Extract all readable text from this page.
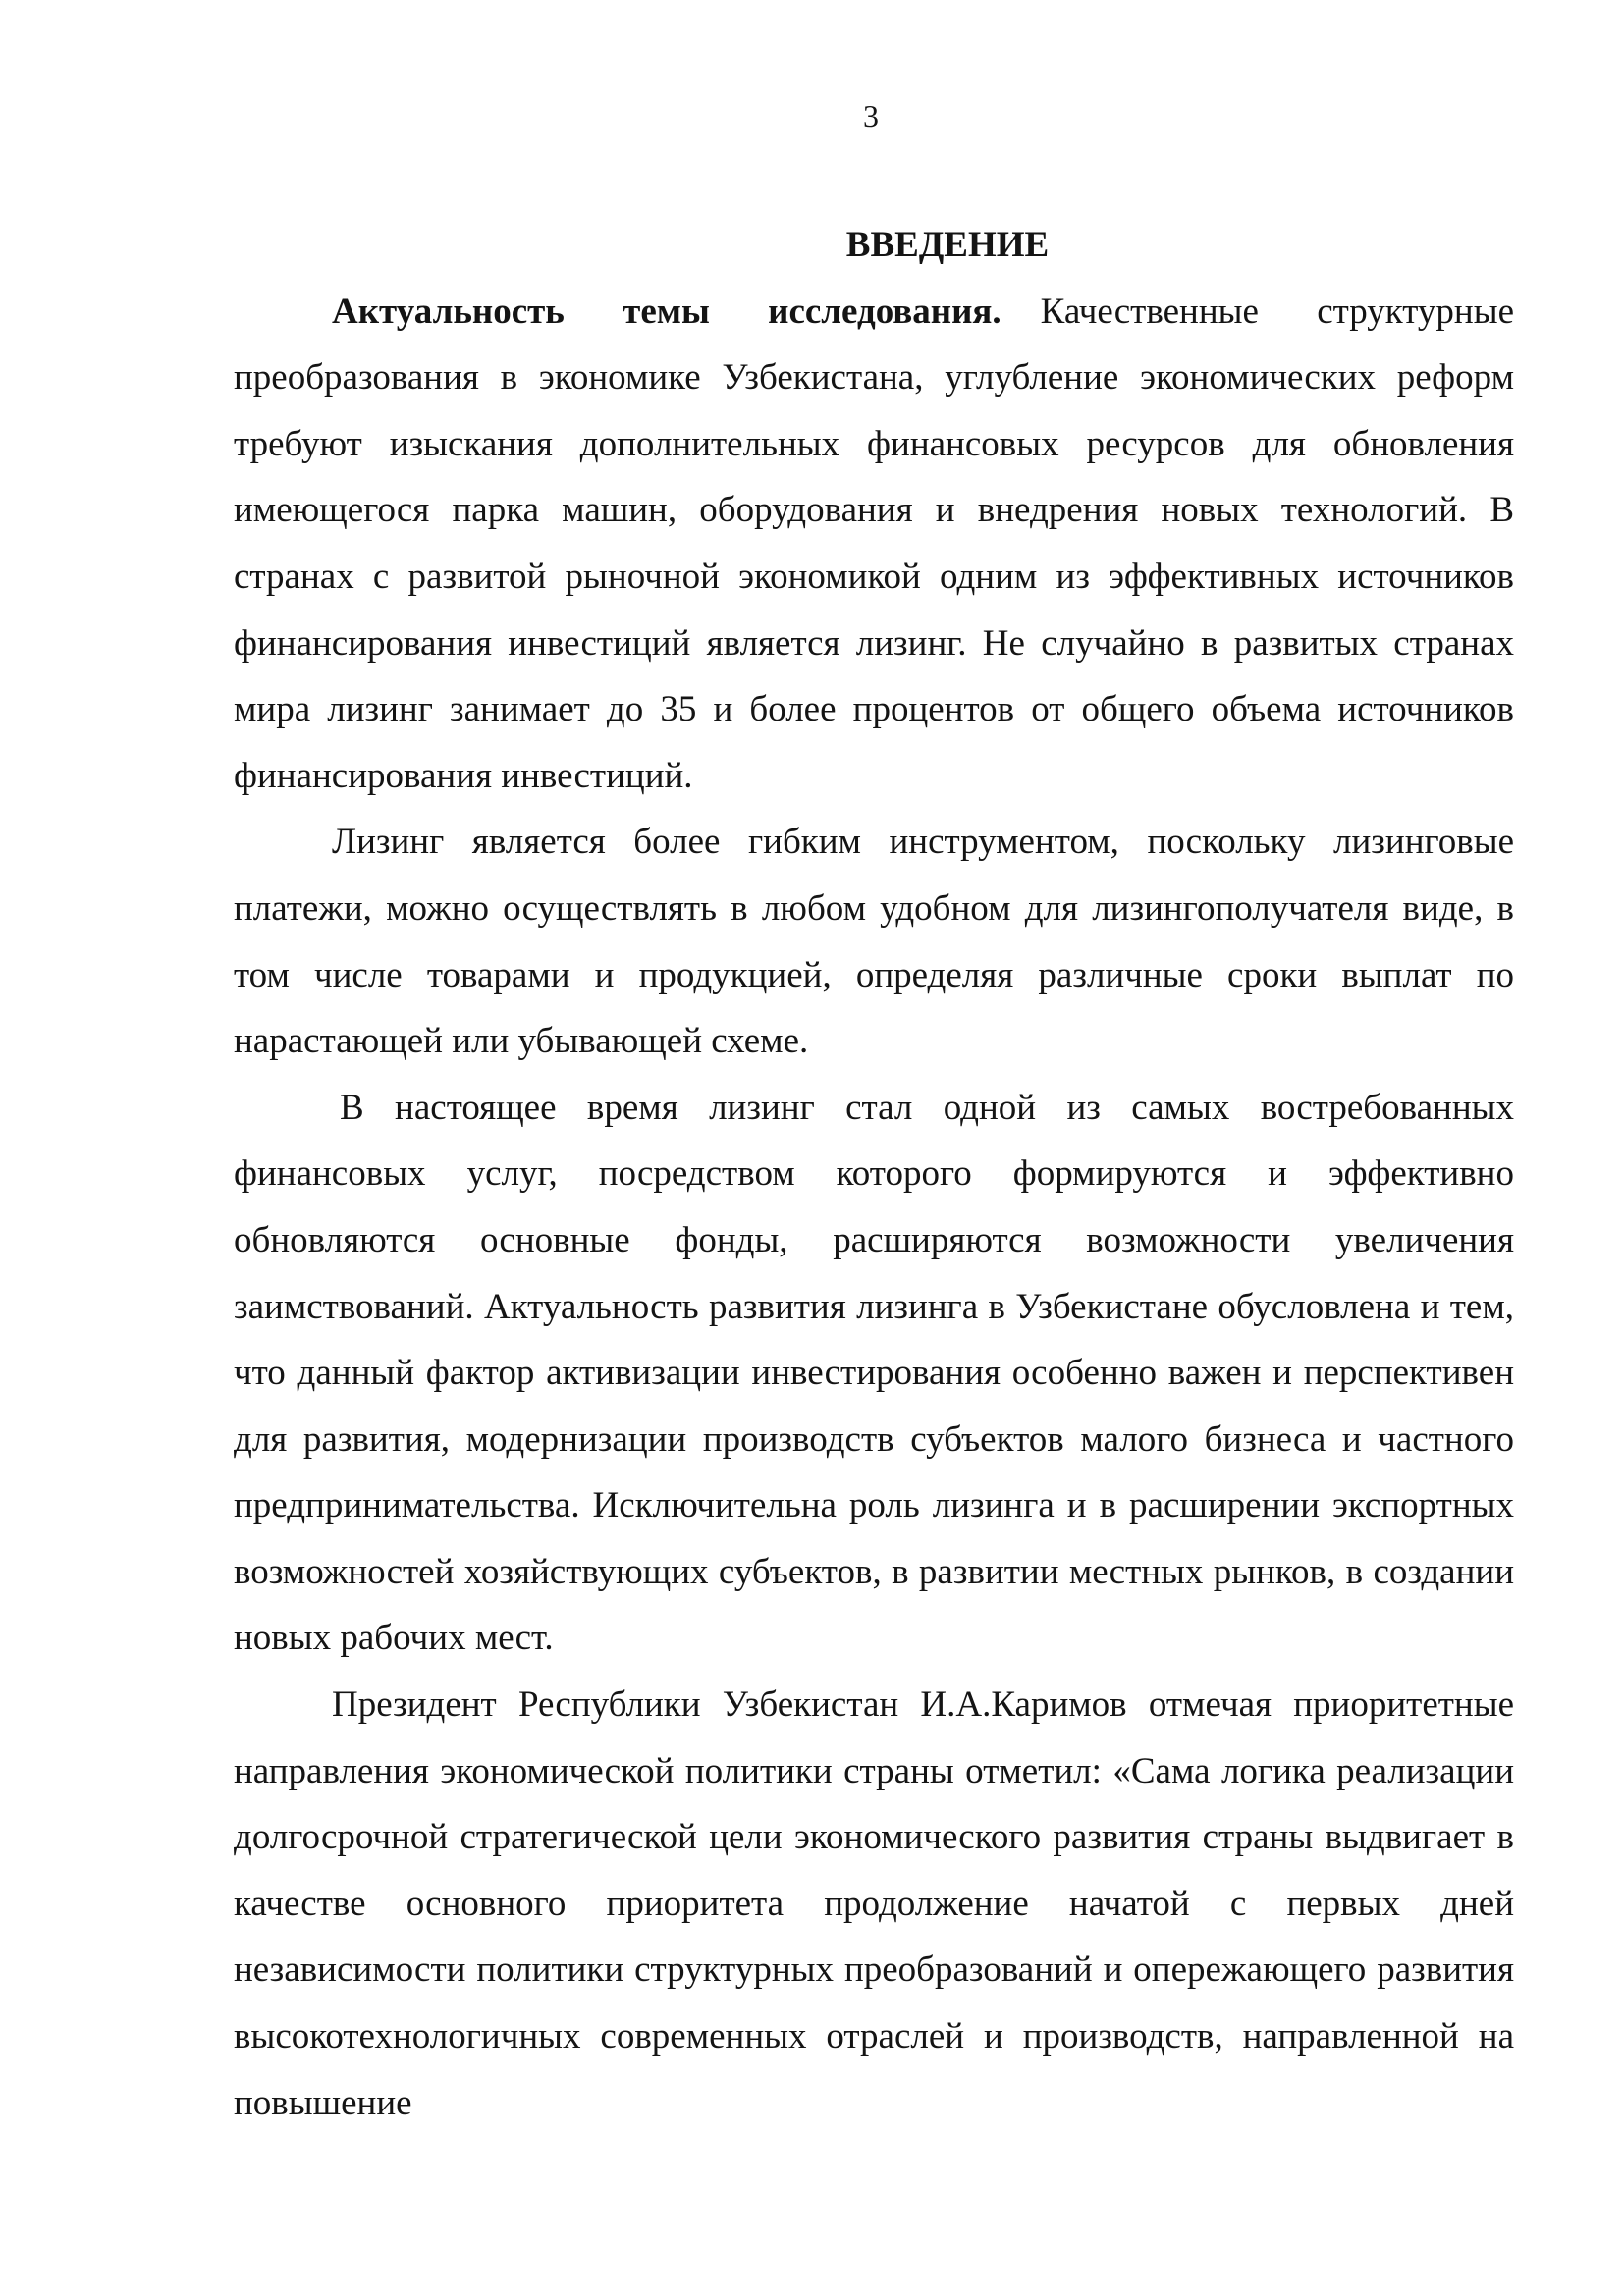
3
ВВЕДЕНИЕ

Актуальность темы исследования. Качественные структурные преобразования в экономике Узбекистана, углубление экономических реформ требуют изыскания дополнительных финансовых ресурсов для обновления имеющегося парка машин, оборудования и внедрения новых технологий. В странах с развитой рыночной экономикой одним из эффективных источников финансирования инвестиций является лизинг. Не случайно в развитых странах мира лизинг занимает до 35 и более процентов от общего объема источников финансирования инвестиций.

Лизинг является более гибким инструментом, поскольку лизинговые платежи, можно осуществлять в любом удобном для лизингополучателя виде, в том числе товарами и продукцией, определяя различные сроки выплат по нарастающей или убывающей схеме.

В настоящее время лизинг стал одной из самых востребованных финансовых услуг, посредством которого формируются и эффективно обновляются основные фонды, расширяются возможности увеличения заимствований. Актуальность развития лизинга в Узбекистане обусловлена и тем, что данный фактор активизации инвестирования особенно важен и перспективен для развития, модернизации производств субъектов малого бизнеса и частного предпринимательства. Исключительна роль лизинга и в расширении экспортных возможностей хозяйствующих субъектов, в развитии местных рынков, в создании новых рабочих мест.

Президент Республики Узбекистан И.А.Каримов отмечая приоритетные направления экономической политики страны отметил: «Сама логика реализации долгосрочной стратегической цели экономического развития страны выдвигает в качестве основного приоритета продолжение начатой с первых дней независимости политики структурных преобразований и опережающего развития высокотехнологичных современных отраслей и производств, направленной на повышение
